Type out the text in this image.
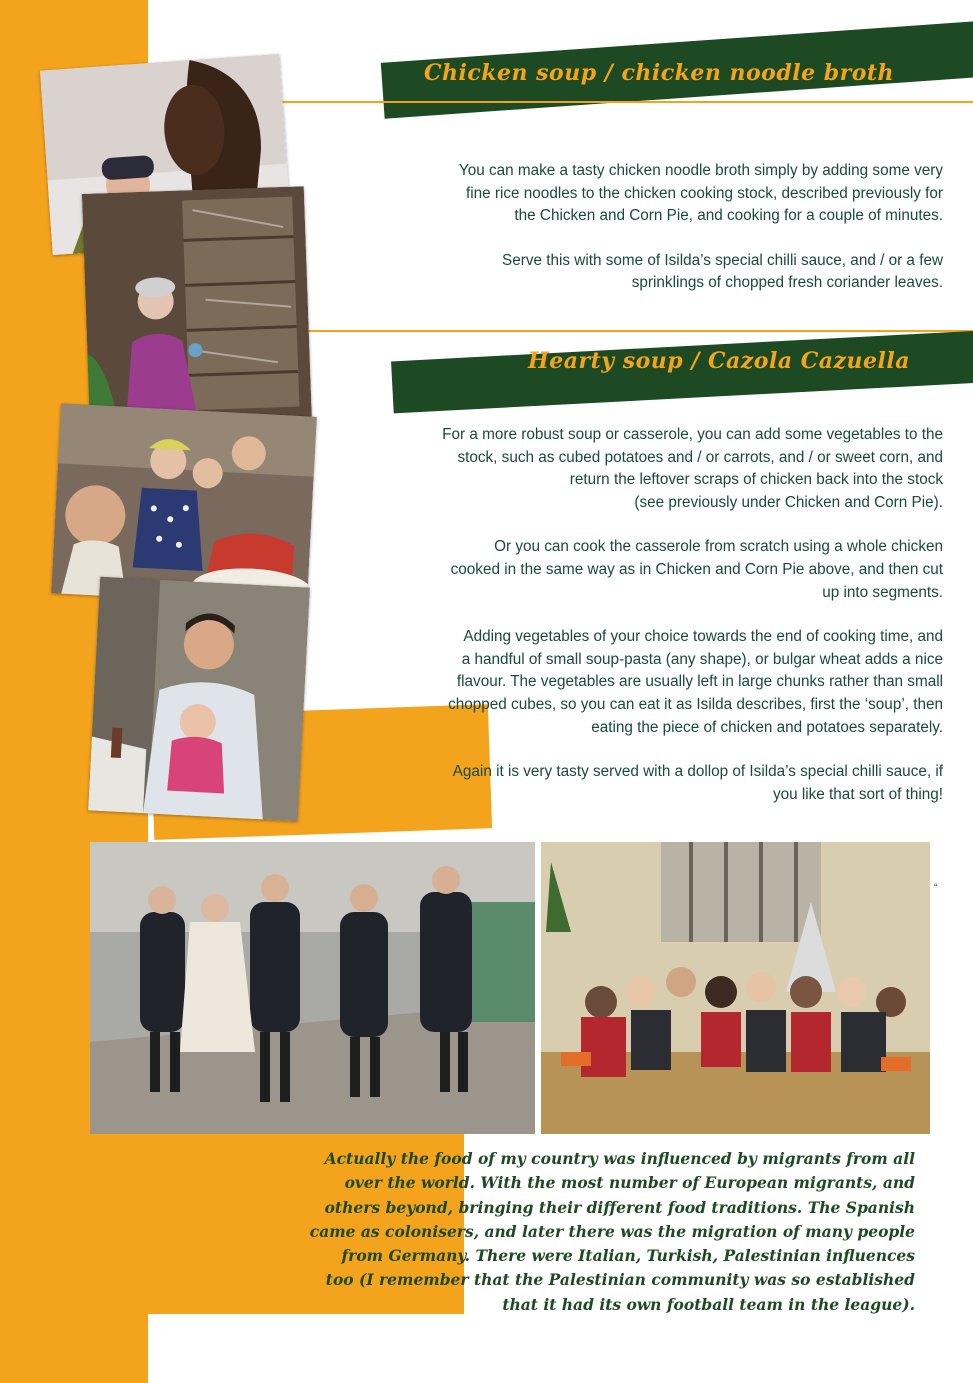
Chicken soup / chicken noodle broth

You can make a tasty chicken noodle broth simply by adding some very

fine rice noodles to the chicken cooking stock, described previously for

the Chicken and Corn Pie, and cooking for a couple of minutes.

Serve this with some of Isilda’s special chilli sauce, and / or a few

sprinklings of chopped fresh coriander leaves.

Hearty soup / Cazola Cazuella

For a more robust soup or casserole, you can add some vegetables to the

stock, such as cubed potatoes and / or carrots, and / or sweet corn, and

return the leftover scraps of chicken back into the stock

(see previously under Chicken and Corn Pie).

Or you can cook the casserole from scratch using a whole chicken

cooked in the same way as in Chicken and Corn Pie above, and then cut

up into segments.

Adding vegetables of your choice towards the end of cooking time, and

a handful of small soup-pasta (any shape), or bulgar wheat adds a nice

flavour. The vegetables are usually left in large chunks rather than small

chopped cubes, so you can eat it as Isilda describes, first the ‘soup’, then

eating the piece of chicken and potatoes separately.

Again it is very tasty served with a dollop of Isilda’s special chilli sauce, if

you like that sort of thing!

“

Actually the food of my country was influenced by migrants from all

over the world. With the most number of European migrants, and

others beyond, bringing their different food traditions. The Spanish

came as colonisers, and later there was the migration of many people

from Germany. There were Italian, Turkish, Palestinian influences

too (I remember that the Palestinian community was so established

that it had its own football team in the league).
